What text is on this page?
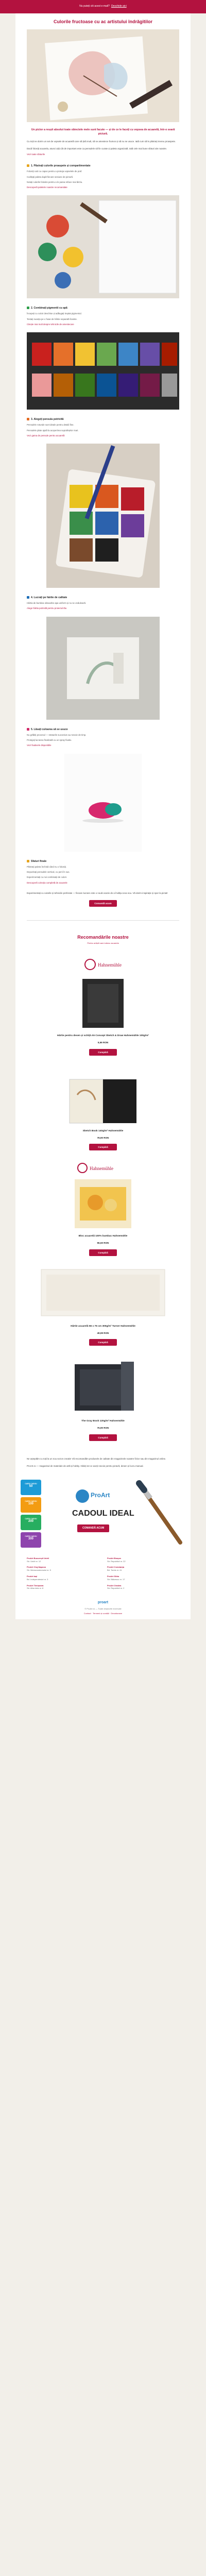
Nu puteți citi acest e-mail? Deschide aici
Culorile fructoase cu ac artistului îndrăgitilor
Un pictor a reușit absolut toate obiectele mele sunt facute — și de ce le faceți cu vopsea de acuarelă, într-o seară pictură.
Cu toții ne dorim un set de vopsele de acuarelă care să țină mult, să se amestece frumos și să nu se usuce. Iată cum să le păstrați mereu proaspete.
Dacă folosiți acuarela, atunci știți cât de important este ca pensulele să fie curate și paleta organizată. Iată cele mai bune sfaturi ale noastre.
Vezi toate sfaturile
1. Păstrați culorile proaspete și compartimentate
Folosiți cutii cu capac pentru a proteja vopselele de praf.
Curățați paleta după fiecare sesiune de pictură.
Notați culorile folosite pentru a le putea reface mai târziu.
Descoperă paletele noastre recomandate
2. Combinați pigmentii cu apă
Începeți cu culori deschise și adăugați treptat pigmentul.
Testați nuanța pe o foaie de hârtie separată înainte.
Citește mai mult despre tehnicile de amestecare
3. Alegeți pensula potrivită
Pensulele rotunde sunt ideale pentru detalii fine.
Pensulele plate ajută la acoperirea suprafețelor mari.
Vezi gama de pensule pentru acuarelă
4. Lucrați pe hârtie de calitate
Hârtia de bumbac absoarbe apa uniform și nu se ondulează.
Alege hârtia potrivită pentru proiectul tău
5. Lăsați culoarea să se usuce
Nu grăbiți procesul — straturile succesive au nevoie de timp.
Protejați lucrarea finalizată cu un spray fixativ.
Vezi fixativele disponibile
Sfaturi finale
Păstrați paleta închisă când nu o folosiți.
Depozitați pensulele vertical, cu perii în sus.
Experimentați cu noi combinații de culori.
Descoperă colecția completă de acuarele
Experimentați cu culorile și tehnicile preferate — fiecare lucrare este o nouă ocazie de a învăța ceva nou. Vă dorim inspirație și spor la pictat!
Comandă acum
Recomandările noastre
Pentru artiștii care iubesc acuarela
Hahnemühle
Hârtie pentru desen și schiță A5 Concept Sketch & Draw Hahnemühle 100g/m²
5,59 RON
Cumpără
Sketch Book 140g/m² Hahnemühle
78,90 RON
Cumpără
Hahnemühle
Bloc acuarelă 100% bumbac Hahnemühle
96,50 RON
Cumpără
Hârtie acuarelă 56 x 76 cm 300g/m² Turner Hahnemühle
49,99 RON
Cumpără
The Gray Book 120g/m² Hahnemühle
76,90 RON
Cumpără
Ne așteptăm cu toții la un nou sezon creativ! Vă recomandăm produsele de calitate din magazinele noastre fizice sau din magazinul online.
ProArt.ro — magazinul de materiale de artă și hobby. Găsiți tot ce aveți nevoie pentru pictură, desen și lucru manual.
CARD CADOU
50
CARD CADOU
100
CARD CADOU
200
CARD CADOU
300
ProArt
CADOUL IDEAL
COMANDĂ ACUM
ProArt București Unirii
Str. Unirii nr. 12
ProArt Cluj-Napoca
Str. Memorandumului nr. 5
ProArt Iași
Bd. Independenței nr. 3
ProArt Timișoara
Str. Alba Iulia nr. 8
ProArt Brașov
Str. Republicii nr. 22
ProArt Constanța
Bd. Tomis nr. 41
ProArt Sibiu
Str. Bălcescu nr. 17
ProArt Oradea
Str. Republicii nr. 2
proart
© ProArt.ro — Toate drepturile rezervate
Contact · Termeni și condiții · Dezabonare
